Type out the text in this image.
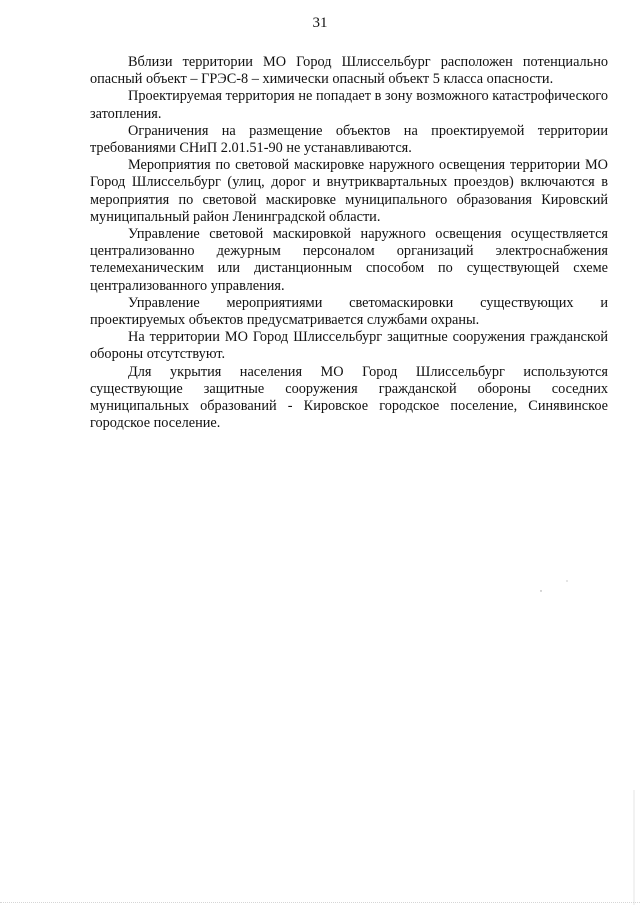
31

Вблизи территории МО Город Шлиссельбург расположен потенциально опасный объект – ГРЭС-8 – химически опасный объект 5 класса опасности.

Проектируемая территория не попадает в зону возможного катастрофического затопления.

Ограничения на размещение объектов на проектируемой территории требованиями СНиП 2.01.51-90 не устанавливаются.

Мероприятия по световой маскировке наружного освещения территории МО Город Шлиссельбург (улиц, дорог и внутриквартальных проездов) включаются в мероприятия по световой маскировке муниципального образования Кировский муниципальный район Ленинградской области.

Управление световой маскировкой наружного освещения осуществляется централизованно дежурным персоналом организаций электроснабжения телемеханическим или дистанционным способом по существующей схеме централизованного управления.

Управление мероприятиями светомаскировки существующих и проектируемых объектов предусматривается службами охраны.

На территории МО Город Шлиссельбург защитные сооружения гражданской обороны отсутствуют.

Для укрытия населения МО Город Шлиссельбург используются существующие защитные сооружения гражданской обороны соседних муниципальных образований - Кировское городское поселение, Синявинское городское поселение.
